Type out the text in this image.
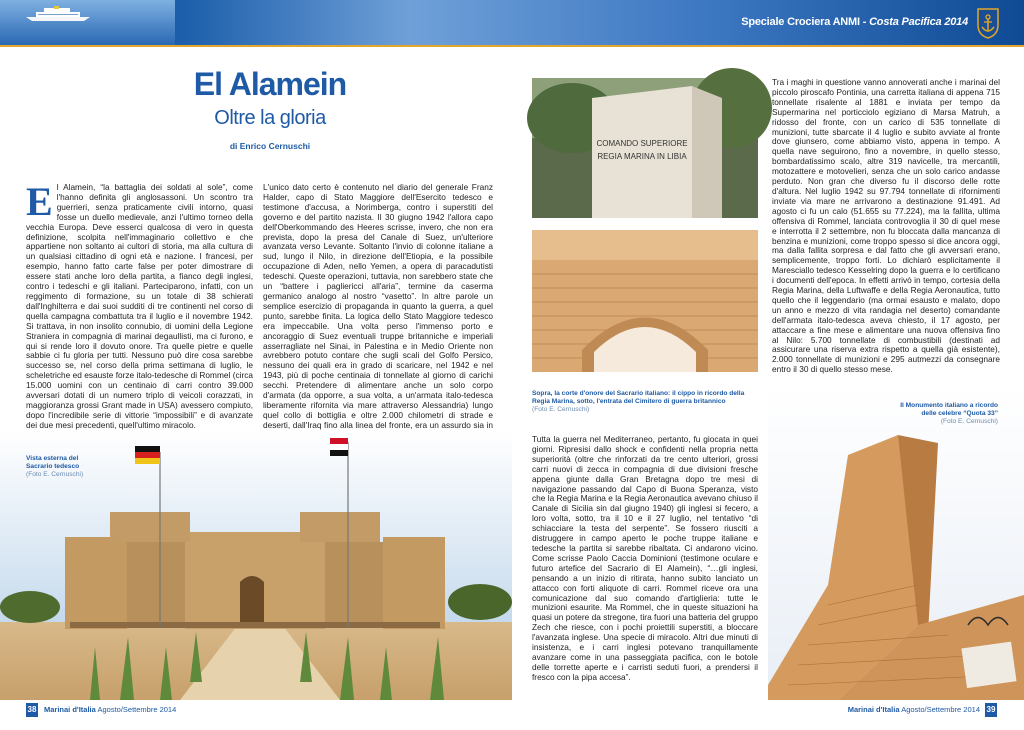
Speciale Crociera ANMI - Costa Pacifica 2014
El Alamein
Oltre la gloria
di Enrico Cernuschi
E l Alamein, “la battaglia dei soldati al sole”, come l'hanno definita gli anglosassoni. Un scontro tra guerrieri, senza praticamente civili intorno, quasi fosse un duello medievale, anzi l'ultimo torneo della vecchia Europa. Deve esserci qualcosa di vero in questa definizione, scolpita nell'immaginario collettivo e che appartiene non soltanto ai cultori di storia, ma alla cultura di un qualsiasi cittadino di ogni età e nazione. I francesi, per esempio, hanno fatto carte false per poter dimostrare di essere stati anche loro della partita, a fianco degli inglesi, contro i tedeschi e gli italiani. Parteciparono, infatti, con un reggimento di formazione, su un totale di 38 schierati dall'Inghilterra e dai suoi sudditi di tre continenti nel corso di quella campagna combattuta tra il luglio e il novembre 1942. Si trattava, in non insolito connubio, di uomini della Legione Straniera in compagnia di marinai degaullisti, ma ci furono, e qui si rende loro il dovuto onore. Tra quelle pietre e quelle sabbie ci fu gloria per tutti. Nessuno può dire cosa sarebbe successo se, nel corso della prima settimana di luglio, le scheletriche ed esauste forze italo-tedesche di Rommel (circa 15.000 uomini con un centinaio di carri contro 39.000 avversari dotati di un numero triplo di veicoli corazzati, in maggioranza grossi Grant made in USA) avessero compiuto, dopo l'incredibile serie di vittorie “impossibili” e di avanzate dei due mesi precedenti, quell'ultimo miracolo.

L'unico dato certo è contenuto nel diario del generale Franz Halder, capo di Stato Maggiore dell'Esercito tedesco e testimone d'accusa, a Norimberga, contro i superstiti del governo e del partito nazista. Il 30 giugno 1942 l'allora capo dell'Oberkommando des Heeres scrisse, invero, che non era prevista, dopo la presa del Canale di Suez, un'ulteriore avanzata verso Levante. Soltanto l'invio di colonne italiane a sud, lungo il Nilo, in direzione dell'Etiopia, e la possibile occupazione di Aden, nello Yemen, a opera di paracadutisti tedeschi. Queste operazioni, tuttavia, non sarebbero state che un “battere i pagliericci all'aria”, termine da caserma germanico analogo al nostro “vasetto”. In altre parole un semplice esercizio di propaganda in quanto la guerra, a quel punto, sarebbe finita. La logica dello Stato Maggiore tedesco era impeccabile. Una volta perso l'immenso porto e ancoraggio di Suez eventuali truppe britanniche e imperiali asserragliate nel Sinai, in Palestina e in Medio Oriente non avrebbero potuto contare che sugli scali del Golfo Persico, nessuno dei quali era in grado di scaricare, nel 1942 e nel 1943, più di poche centinaia di tonnellate al giorno di carichi secchi. Pretendere di alimentare anche un solo corpo d'armata (da opporre, a sua volta, a un'armata italo-tedesca liberamente rifornita via mare attraverso Alessandria) lungo quel collo di bottiglia e oltre 2.000 chilometri di strade e deserti, dall'Iraq fino alla linea del fronte, era un assurdo sia in

Vista esterna del Sacrario tedesco
(Foto E. Cernuschi)
COMANDO SUPERIORE
REGIA MARINA IN LIBIA
Sopra, la corte d'onore del Sacrario italiano: il cippo in ricordo della Regia Marina, sotto, l'entrata del Cimitero di guerra britannico
(Foto E. Cernuschi)

Tutta la guerra nel Mediterraneo, pertanto, fu giocata in quei giorni. Ripresisi dallo shock e confidenti nella propria netta superiorità (oltre che rinforzati da tre cento ulteriori, grossi carri nuovi di zecca in compagnia di due divisioni fresche appena giunte dalla Gran Bretagna dopo tre mesi di navigazione passando dal Capo di Buona Speranza, visto che la Regia Marina e la Regia Aeronautica avevano chiuso il Canale di Sicilia sin dal giugno 1940) gli inglesi si fecero, a loro volta, sotto, tra il 10 e il 27 luglio, nel tentativo “di schiacciare la testa del serpente”. Se fossero riusciti a distruggere in campo aperto le poche truppe italiane e tedesche la partita si sarebbe ribaltata. Ci andarono vicino. Come scrisse Paolo Caccia Dominioni (testimone oculare e futuro artefice del Sacrario di El Alamein), “…gli inglesi, pensando a un inizio di ritirata, hanno subito lanciato un attacco con forti aliquote di carri. Rommel riceve ora una comunicazione dal suo comando d'artiglieria: tutte le munizioni esaurite. Ma Rommel, che in queste situazioni ha quasi un potere da stregone, tira fuori una batteria del gruppo Zech che riesce, con i pochi proiettili superstiti, a bloccare l'avanzata inglese. Una specie di miracolo. Altri due minuti di insistenza, e i carri inglesi potevano tranquillamente avanzare come in una passeggiata pacifica, con le botole delle torrette aperte e i carristi seduti fuori, a prendersi il fresco con la pipa accesa”.

Tra i maghi in questione vanno annoverati anche i marinai del piccolo piroscafo Pontinia, una carretta italiana di appena 715 tonnellate risalente al 1881 e inviata per tempo da Supermarina nel porticciolo egiziano di Marsa Matruh, a ridosso del fronte, con un carico di 535 tonnellate di munizioni, tutte sbarcate il 4 luglio e subito avviate al fronte dove giunsero, come abbiamo visto, appena in tempo. A quella nave seguirono, fino a novembre, in quello stesso, bombardatissimo scalo, altre 319 navicelle, tra mercantili, motozattere e motovelieri, senza che un solo carico andasse perduto. Non gran che diverso fu il discorso delle rotte d'altura. Nel luglio 1942 su 97.794 tonnellate di rifornimenti inviate via mare ne arrivarono a destinazione 91.491. Ad agosto ci fu un calo (51.655 su 77.224), ma la fallita, ultima offensiva di Rommel, lanciata controvoglia il 30 di quel mese e interrotta il 2 settembre, non fu bloccata dalla mancanza di benzina e munizioni, come troppo spesso si dice ancora oggi, ma dalla fallita sorpresa e dal fatto che gli avversari erano, semplicemente, troppo forti. Lo dichiarò esplicitamente il Maresciallo tedesco Kesselring dopo la guerra e lo certificano i documenti dell'epoca. In effetti arrivò in tempo, cortesia della Regia Marina, della Luftwaffe e della Regia Aeronautica, tutto quello che il leggendario (ma ormai esausto e malato, dopo un anno e mezzo di vita randagia nel deserto) comandante dell'armata italo-tedesca aveva chiesto, il 17 agosto, per attaccare a fine mese e alimentare una nuova offensiva fino al Nilo: 5.700 tonnellate di combustibili (destinati ad assicurare una riserva extra rispetto a quella già esistente), 2.000 tonnellate di munizioni e 295 autmezzi da consegnare entro il 30 di quello stesso mese.

Il Monumento italiano a ricordo delle celebre “Quota 33”
(Foto E. Cernuschi)
38 Marinai d'Italia Agosto/Settembre 2014	Marinai d'Italia Agosto/Settembre 2014 39
